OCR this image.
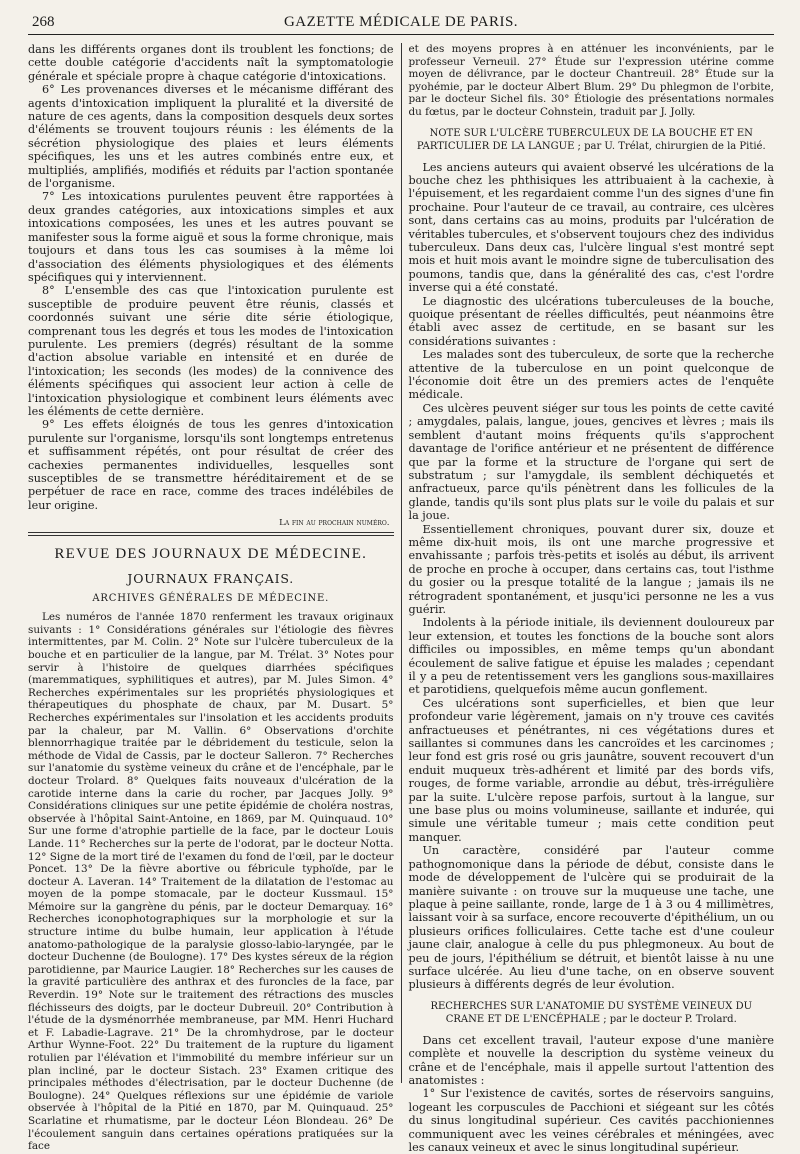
268	GAZETTE MÉDICALE DE PARIS.

dans les différents organes dont ils troublent les fonctions; de cette double catégorie d'accidents naît la symptomatologie générale et spéciale propre à chaque catégorie d'intoxications.

6° Les provenances diverses et le mécanisme différant des agents d'intoxication impliquent la pluralité et la diversité de nature de ces agents, dans la composition desquels deux sortes d'éléments se trouvent toujours réunis : les éléments de la sécrétion physiologique des plaies et leurs éléments spécifiques, les uns et les autres combinés entre eux, et multipliés, amplifiés, modifiés et réduits par l'action spontanée de l'organisme.

7° Les intoxications purulentes peuvent être rapportées à deux grandes catégories, aux intoxications simples et aux intoxications composées, les unes et les autres pouvant se manifester sous la forme aiguë et sous la forme chronique, mais toujours et dans tous les cas soumises à la même loi d'association des éléments physiologiques et des éléments spécifiques qui y interviennent.

8° L'ensemble des cas que l'intoxication purulente est susceptible de produire peuvent être réunis, classés et coordonnés suivant une série dite série étiologique, comprenant tous les degrés et tous les modes de l'intoxication purulente. Les premiers (degrés) résultant de la somme d'action absolue variable en intensité et en durée de l'intoxication; les seconds (les modes) de la connivence des éléments spécifiques qui associent leur action à celle de l'intoxication physiologique et combinent leurs éléments avec les éléments de cette dernière.

9° Les effets éloignés de tous les genres d'intoxication purulente sur l'organisme, lorsqu'ils sont longtemps entretenus et suffisamment répétés, ont pour résultat de créer des cachexies permanentes individuelles, lesquelles sont susceptibles de se transmettre héréditairement et de se perpétuer de race en race, comme des traces indélébiles de leur origine.

La fin au prochain numéro.
REVUE DES JOURNAUX DE MÉDECINE.
JOURNAUX FRANÇAIS.
ARCHIVES GÉNÉRALES DE MÉDECINE.

Les numéros de l'année 1870 renferment les travaux originaux suivants : 1° Considérations générales sur l'étiologie des fièvres intermittentes, par M. Colin. 2° Note sur l'ulcère tuberculeux de la bouche et en particulier de la langue, par M. Trélat. 3° Notes pour servir à l'histoire de quelques diarrhées spécifiques (maremmatiques, syphilitiques et autres), par M. Jules Simon. 4° Recherches expérimentales sur les propriétés physiologiques et thérapeutiques du phosphate de chaux, par M. Dusart. 5° Recherches expérimentales sur l'insolation et les accidents produits par la chaleur, par M. Vallin. 6° Observations d'orchite blennorrhagique traitée par le débridement du testicule, selon la méthode de Vidal de Cassis, par le docteur Salleron. 7° Recherches sur l'anatomie du système veineux du crâne et de l'encéphale, par le docteur Trolard. 8° Quelques faits nouveaux d'ulcération de la carotide interne dans la carie du rocher, par Jacques Jolly. 9° Considérations cliniques sur une petite épidémie de choléra nostras, observée à l'hôpital Saint-Antoine, en 1869, par M. Quinquaud. 10° Sur une forme d'atrophie partielle de la face, par le docteur Louis Lande. 11° Recherches sur la perte de l'odorat, par le docteur Notta. 12° Signe de la mort tiré de l'examen du fond de l'œil, par le docteur Poncet. 13° De la fièvre abortive ou fébricule typhoïde, par le docteur A. Laveran. 14° Traitement de la dilatation de l'estomac au moyen de la pompe stomacale, par le docteur Kussmaul. 15° Mémoire sur la gangrène du pénis, par le docteur Demarquay. 16° Recherches iconophotographiques sur la morphologie et sur la structure intime du bulbe humain, leur application à l'étude anatomo-pathologique de la paralysie glosso-labio-laryngée, par le docteur Duchenne (de Boulogne). 17° Des kystes séreux de la région parotidienne, par Maurice Laugier. 18° Recherches sur les causes de la gravité particulière des anthrax et des furoncles de la face, par Reverdin. 19° Note sur le traitement des rétractions des muscles fléchisseurs des doigts, par le docteur Dubreuil. 20° Contribution à l'étude de la dysménorrhée membraneuse, par MM. Henri Huchard et F. Labadie-Lagrave. 21° De la chromhydrose, par le docteur Arthur Wynne-Foot. 22° Du traitement de la rupture du ligament rotulien par l'élévation et l'immobilité du membre inférieur sur un plan incliné, par le docteur Sistach. 23° Examen critique des principales méthodes d'électrisation, par le docteur Duchenne (de Boulogne). 24° Quelques réflexions sur une épidémie de variole observée à l'hôpital de la Pitié en 1870, par M. Quinquaud. 25° Scarlatine et rhumatisme, par le docteur Léon Blondeau. 26° De l'écoulement sanguin dans certaines opérations pratiquées sur la face

et des moyens propres à en atténuer les inconvénients, par le professeur Verneuil. 27° Étude sur l'expression utérine comme moyen de délivrance, par le docteur Chantreuil. 28° Étude sur la pyohémie, par le docteur Albert Blum. 29° Du phlegmon de l'orbite, par le docteur Sichel fils. 30° Étiologie des présentations normales du fœtus, par le docteur Cohnstein, traduit par J. Jolly.

NOTE SUR L'ULCÈRE TUBERCULEUX DE LA BOUCHE ET EN PARTICULIER DE LA LANGUE ; par U. Trélat, chirurgien de la Pitié.

Les anciens auteurs qui avaient observé les ulcérations de la bouche chez les phthisiques les attribuaient à la cachexie, à l'épuisement, et les regardaient comme l'un des signes d'une fin prochaine. Pour l'auteur de ce travail, au contraire, ces ulcères sont, dans certains cas au moins, produits par l'ulcération de véritables tubercules, et s'observent toujours chez des individus tuberculeux. Dans deux cas, l'ulcère lingual s'est montré sept mois et huit mois avant le moindre signe de tuberculisation des poumons, tandis que, dans la généralité des cas, c'est l'ordre inverse qui a été constaté.

Le diagnostic des ulcérations tuberculeuses de la bouche, quoique présentant de réelles difficultés, peut néanmoins être établi avec assez de certitude, en se basant sur les considérations suivantes :

Les malades sont des tuberculeux, de sorte que la recherche attentive de la tuberculose en un point quelconque de l'économie doit être un des premiers actes de l'enquête médicale.

Ces ulcères peuvent siéger sur tous les points de cette cavité ; amygdales, palais, langue, joues, gencives et lèvres ; mais ils semblent d'autant moins fréquents qu'ils s'approchent davantage de l'orifice antérieur et ne présentent de différence que par la forme et la structure de l'organe qui sert de substratum ; sur l'amygdale, ils semblent déchiquetés et anfractueux, parce qu'ils pénètrent dans les follicules de la glande, tandis qu'ils sont plus plats sur le voile du palais et sur la joue.

Essentiellement chroniques, pouvant durer six, douze et même dix-huit mois, ils ont une marche progressive et envahissante ; parfois très-petits et isolés au début, ils arrivent de proche en proche à occuper, dans certains cas, tout l'isthme du gosier ou la presque totalité de la langue ; jamais ils ne rétrogradent spontanément, et jusqu'ici personne ne les a vus guérir.

Indolents à la période initiale, ils deviennent douloureux par leur extension, et toutes les fonctions de la bouche sont alors difficiles ou impossibles, en même temps qu'un abondant écoulement de salive fatigue et épuise les malades ; cependant il y a peu de retentissement vers les ganglions sous-maxillaires et parotidiens, quelquefois même aucun gonflement.

Ces ulcérations sont superficielles, et bien que leur profondeur varie légèrement, jamais on n'y trouve ces cavités anfractueuses et pénétrantes, ni ces végétations dures et saillantes si communes dans les cancroïdes et les carcinomes ; leur fond est gris rosé ou gris jaunâtre, souvent recouvert d'un enduit muqueux très-adhérent et limité par des bords vifs, rouges, de forme variable, arrondie au début, très-irrégulière par la suite. L'ulcère repose parfois, surtout à la langue, sur une base plus ou moins volumineuse, saillante et indurée, qui simule une véritable tumeur ; mais cette condition peut manquer.

Un caractère, considéré par l'auteur comme pathognomonique dans la période de début, consiste dans le mode de développement de l'ulcère qui se produirait de la manière suivante : on trouve sur la muqueuse une tache, une plaque à peine saillante, ronde, large de 1 à 3 ou 4 millimètres, laissant voir à sa surface, encore recouverte d'épithélium, un ou plusieurs orifices folliculaires. Cette tache est d'une couleur jaune clair, analogue à celle du pus phlegmoneux. Au bout de peu de jours, l'épithélium se détruit, et bientôt laisse à nu une surface ulcérée. Au lieu d'une tache, on en observe souvent plusieurs à différents degrés de leur évolution.

RECHERCHES SUR L'ANATOMIE DU SYSTÈME VEINEUX DU CRANE ET DE L'ENCÉPHALE ; par le docteur P. Trolard.

Dans cet excellent travail, l'auteur expose d'une manière complète et nouvelle la description du système veineux du crâne et de l'encéphale, mais il appelle surtout l'attention des anatomistes :

1° Sur l'existence de cavités, sortes de réservoirs sanguins, logeant les corpuscules de Pacchioni et siégeant sur les côtés du sinus longitudinal supérieur. Ces cavités pacchioniennes communiquent avec les veines cérébrales et méningées, avec les canaux veineux et avec le sinus longitudinal supérieur.
